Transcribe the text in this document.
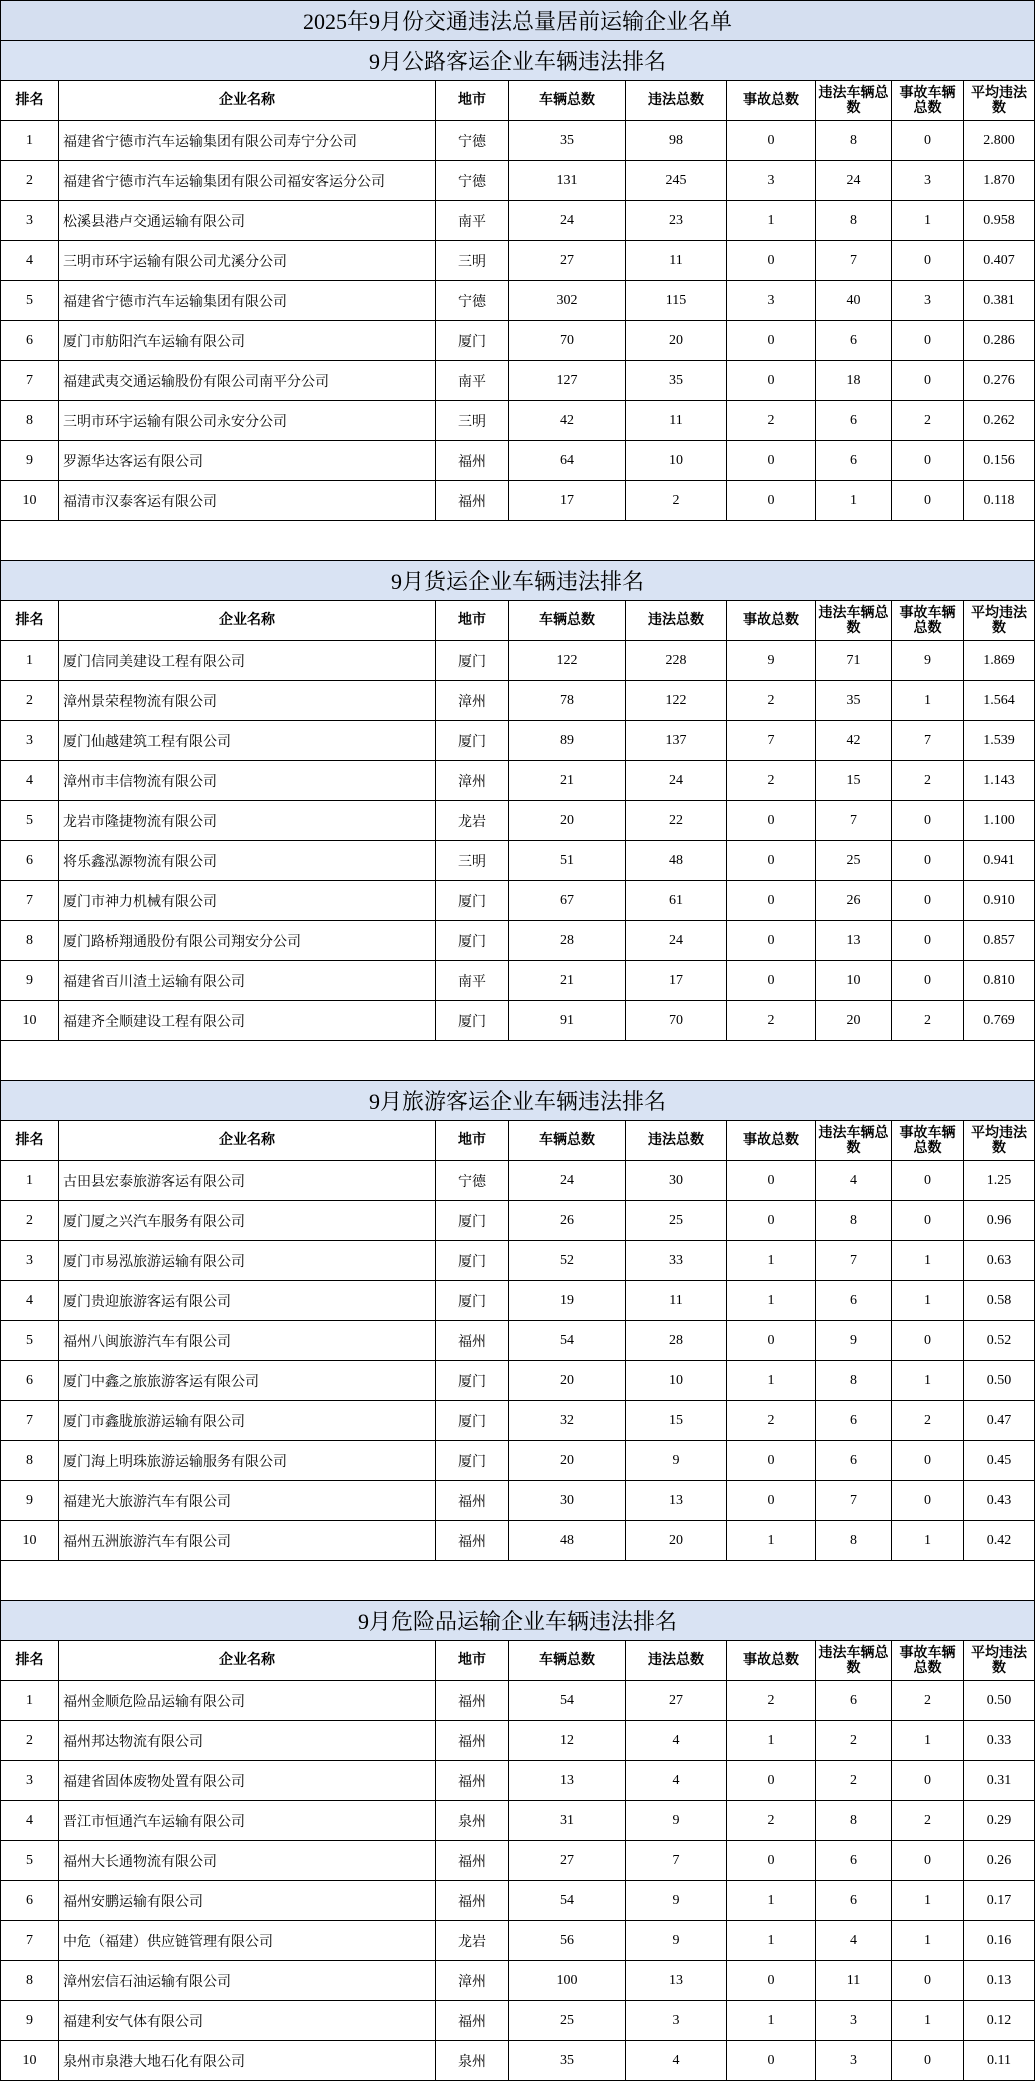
2025年9月份交通违法总量居前运输企业名单								
9月公路客运企业车辆违法排名								
排名	企业名称	地市	车辆总数	违法总数	事故总数	违法车辆总数	事故车辆总数	平均违法数
1	福建省宁德市汽车运输集团有限公司寿宁分公司	宁德	35	98	0	8	0	2.800
2	福建省宁德市汽车运输集团有限公司福安客运分公司	宁德	131	245	3	24	3	1.870
3	松溪县港卢交通运输有限公司	南平	24	23	1	8	1	0.958
4	三明市环宇运输有限公司尤溪分公司	三明	27	11	0	7	0	0.407
5	福建省宁德市汽车运输集团有限公司	宁德	302	115	3	40	3	0.381
6	厦门市舫阳汽车运输有限公司	厦门	70	20	0	6	0	0.286
7	福建武夷交通运输股份有限公司南平分公司	南平	127	35	0	18	0	0.276
8	三明市环宇运输有限公司永安分公司	三明	42	11	2	6	2	0.262
9	罗源华达客运有限公司	福州	64	10	0	6	0	0.156
10	福清市汉泰客运有限公司	福州	17	2	0	1	0	0.118

9月货运企业车辆违法排名								
排名	企业名称	地市	车辆总数	违法总数	事故总数	违法车辆总数	事故车辆总数	平均违法数
1	厦门信同美建设工程有限公司	厦门	122	228	9	71	9	1.869
2	漳州景荣程物流有限公司	漳州	78	122	2	35	1	1.564
3	厦门仙越建筑工程有限公司	厦门	89	137	7	42	7	1.539
4	漳州市丰信物流有限公司	漳州	21	24	2	15	2	1.143
5	龙岩市隆捷物流有限公司	龙岩	20	22	0	7	0	1.100
6	将乐鑫泓源物流有限公司	三明	51	48	0	25	0	0.941
7	厦门市神力机械有限公司	厦门	67	61	0	26	0	0.910
8	厦门路桥翔通股份有限公司翔安分公司	厦门	28	24	0	13	0	0.857
9	福建省百川渣土运输有限公司	南平	21	17	0	10	0	0.810
10	福建齐全顺建设工程有限公司	厦门	91	70	2	20	2	0.769

9月旅游客运企业车辆违法排名								
排名	企业名称	地市	车辆总数	违法总数	事故总数	违法车辆总数	事故车辆总数	平均违法数
1	古田县宏泰旅游客运有限公司	宁德	24	30	0	4	0	1.25
2	厦门厦之兴汽车服务有限公司	厦门	26	25	0	8	0	0.96
3	厦门市易泓旅游运输有限公司	厦门	52	33	1	7	1	0.63
4	厦门贵迎旅游客运有限公司	厦门	19	11	1	6	1	0.58
5	福州八闽旅游汽车有限公司	福州	54	28	0	9	0	0.52
6	厦门中鑫之旅旅游客运有限公司	厦门	20	10	1	8	1	0.50
7	厦门市鑫胧旅游运输有限公司	厦门	32	15	2	6	2	0.47
8	厦门海上明珠旅游运输服务有限公司	厦门	20	9	0	6	0	0.45
9	福建光大旅游汽车有限公司	福州	30	13	0	7	0	0.43
10	福州五洲旅游汽车有限公司	福州	48	20	1	8	1	0.42

9月危险品运输企业车辆违法排名								
排名	企业名称	地市	车辆总数	违法总数	事故总数	违法车辆总数	事故车辆总数	平均违法数
1	福州金顺危险品运输有限公司	福州	54	27	2	6	2	0.50
2	福州邦达物流有限公司	福州	12	4	1	2	1	0.33
3	福建省固体废物处置有限公司	福州	13	4	0	2	0	0.31
4	晋江市恒通汽车运输有限公司	泉州	31	9	2	8	2	0.29
5	福州大长通物流有限公司	福州	27	7	0	6	0	0.26
6	福州安鹏运输有限公司	福州	54	9	1	6	1	0.17
7	中危（福建）供应链管理有限公司	龙岩	56	9	1	4	1	0.16
8	漳州宏信石油运输有限公司	漳州	100	13	0	11	0	0.13
9	福建利安气体有限公司	福州	25	3	1	3	1	0.12
10	泉州市泉港大地石化有限公司	泉州	35	4	0	3	0	0.11
